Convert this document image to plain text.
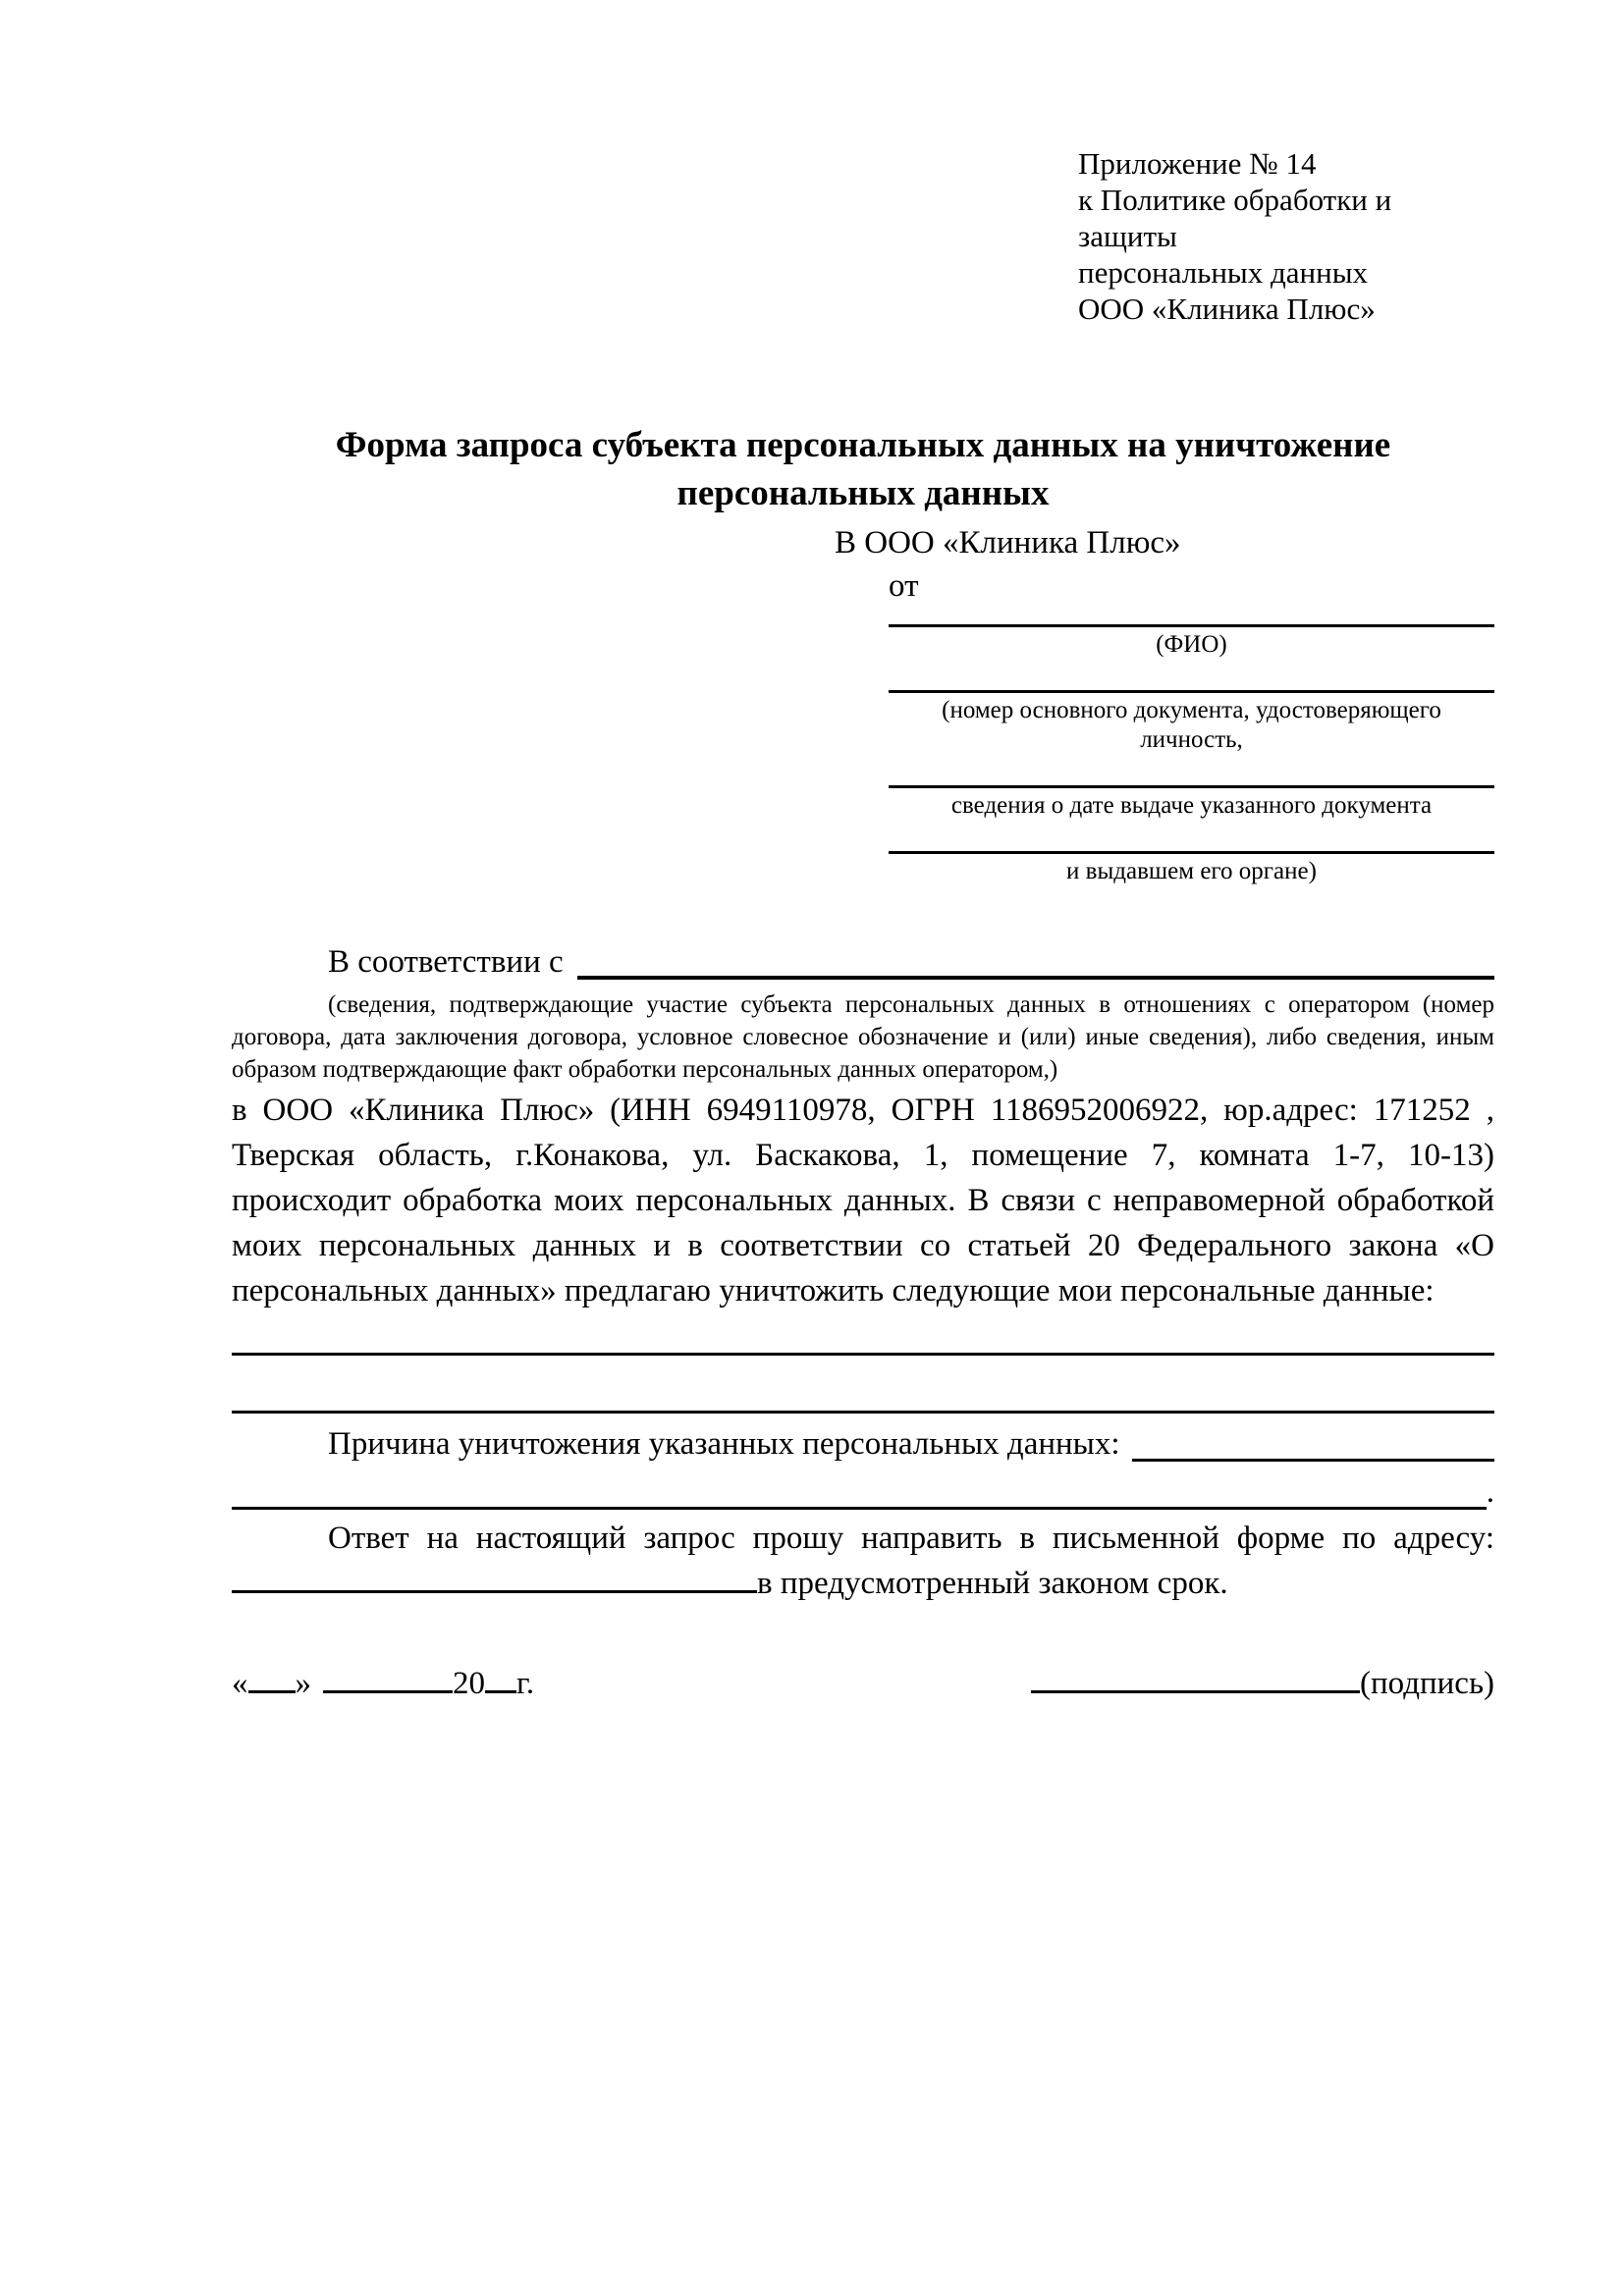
Приложение № 14
к Политике обработки и защиты
персональных данных
ООО «Клиника Плюс»
Форма запроса субъекта персональных данных на уничтожение персональных данных
В ООО «Клиника Плюс»
от
(ФИО)
(номер основного документа, удостоверяющего личность,
сведения о дате выдаче указанного документа
и выдавшем его органе)
В соответствии с
(сведения, подтверждающие участие субъекта персональных данных в отношениях с оператором (номер договора, дата заключения договора, условное словесное обозначение и (или) иные сведения), либо сведения, иным образом подтверждающие факт обработки персональных данных оператором,)
в ООО «Клиника Плюс» (ИНН 6949110978, ОГРН 1186952006922, юр.адрес: 171252 , Тверская область, г.Конакова, ул. Баскакова, 1, помещение 7, комната 1-7, 10-13) происходит обработка моих персональных данных. В связи с неправомерной обработкой моих персональных данных и в соответствии со статьей 20 Федерального закона «О персональных данных» предлагаю уничтожить следующие мои персональные данные:
Причина уничтожения указанных персональных данных:
.
Ответ на настоящий запрос прошу направить в письменной форме по адресу:
в предусмотренный законом срок.
« »	20 г.	(подпись)
